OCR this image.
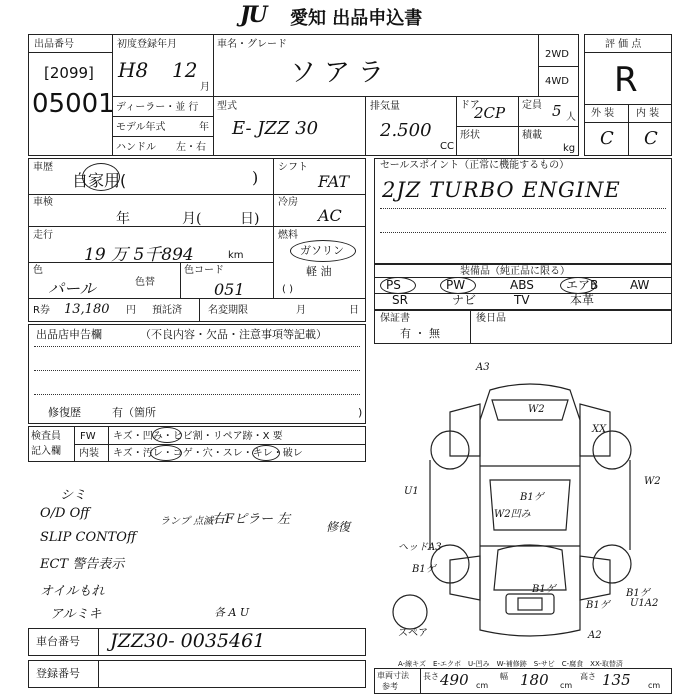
JU 愛知 出品申込書
出品番号
[2099]
05001
初度登録年月
H8 12
月
ディーラー・並 行
モデル年式	年
ハンドル 左・右
車名・グレード
ソアラ
2WD
4WD
型式
E- JZZ 30
排気量
2.500
CC
ドア
2CP 定員 5 人
形状	積載
kg
評 価 点
R
外 装 内 装
C C
車歴
自家用(	)
車検
年	月(	日)
走行
19 万 5千894	km
色
パール	色替
色コード
051
シフト
FAT
冷房
AC
燃料
ガソリン
軽 油
( )
R券 13,180 円 預託済	名変期限	月	日
セールスポイント（正常に機能するもの）
2JZ TURBO ENGINE
装備品（純正品に限る）
PS	PW	ABS	エアB	AW
SR	ナビ	TV	本革
保証書
有 ・ 無
後日品
出品店申告欄	（不良内容・欠品・注意事項等記載）
修復歴	有（箇所	)
検査員
記入欄
FW キズ・凹み・ヒビ割・リペア跡・X 要
内装 キズ・汚レ・コゲ・穴・スレ・キレ・破レ
シミ
O/D Off
SLIP CONTOff
ECT 警告表示
オイルもれ
アルミキ
ランプ 点滅
右Fピラー 左	修復
各 A U
車台番号 JZZ30- 0035461
登録番号
A3
W2
XX
W2
U1
ヘッドA3
B1ゲ
B1ゲ
B1ゲ
B1ゲ
B1ゲ
U1A2
W2凹み
A2
スペア
A-線キズ　E-エクボ　U-凹み　W-補修跡　S-サビ　C-腐食　XX-取替済
車両寸法
参考
長さ 490 cm
幅 180 cm
高さ 135 cm
